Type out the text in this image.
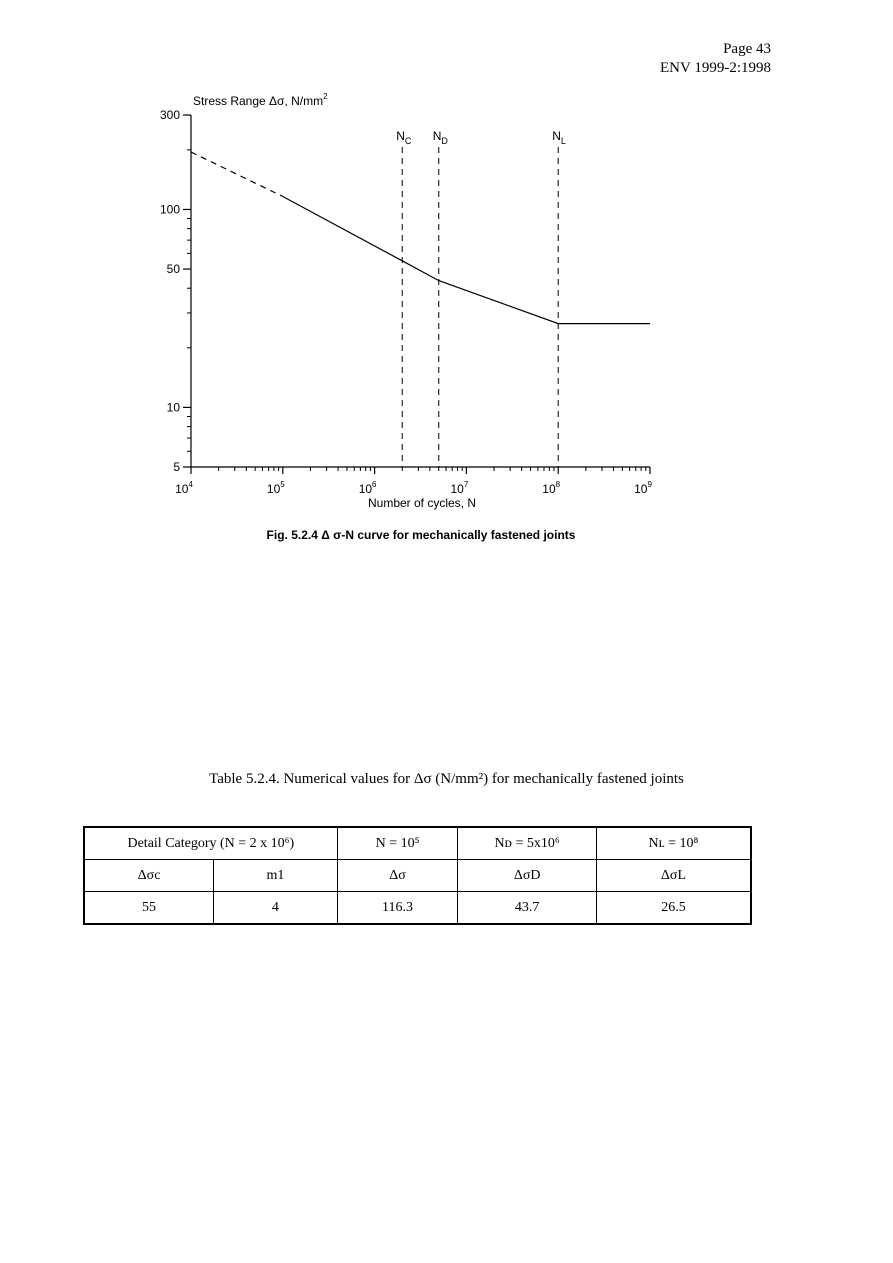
Page 43
ENV 1999-2:1998
$10^4$	$10^5$	$10^6$	$10^7$	$10^8$	$10^9$
300
100
50
10
5
$N_C$ $N_D$	$N_L$
Stress Range Δσ, $N/mm^2$
Number of cycles, N
Fig. 5.2.4 Δ σ-N curve for mechanically fastened joints
Table 5.2.4. Numerical values for Δσ (N/mm²) for mechanically fastened joints
Detail Category (N = 2 x 10⁶)		N = 10⁵	Nᴅ = 5x10⁶	Nʟ = 10⁸
Δσc	m1	Δσ	ΔσD	ΔσL
55	4	116.3	43.7	26.5
